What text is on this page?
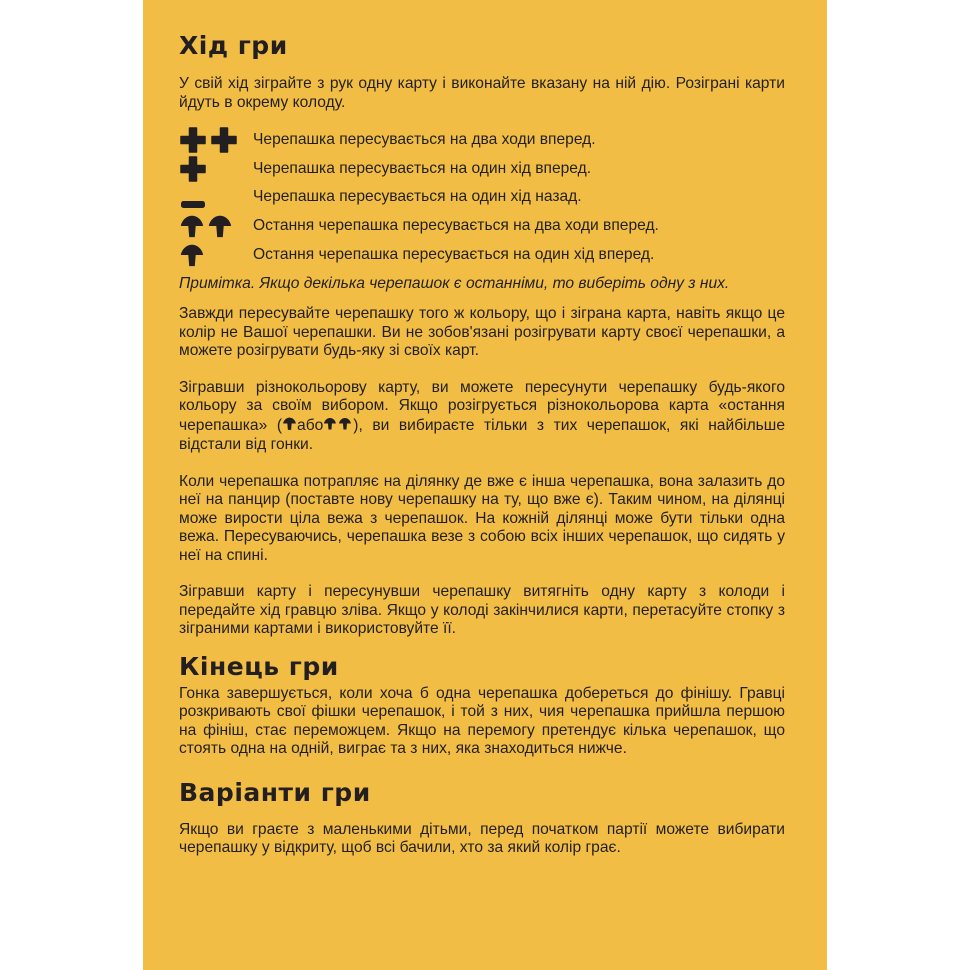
Хід гри

У свій хід зіграйте з рук одну карту і виконайте вказану на ній дію. Розіграні карти йдуть в окрему колоду.

Черепашка пересувається на два ходи вперед.
Черепашка пересувається на один хід вперед.
Черепашка пересувається на один хід назад.
Остання черепашка пересувається на два ходи вперед.
Остання черепашка пересувається на один хід вперед.

Примітка. Якщо декілька черепашок є останніми, то виберіть одну з них.

Завжди пересувайте черепашку того ж кольору, що і зіграна карта, навіть якщо це колір не Вашої черепашки. Ви не зобов'язані розігрувати карту своєї черепашки, а можете розігрувати будь-яку зі своїх карт.

Зігравши різнокольорову карту, ви можете пересунути черепашку будь-якого кольору за своїм вибором. Якщо розігрується різнокольорова карта «остання черепашка» ( або ), ви вибираєте тільки з тих черепашок, які найбільше відстали від гонки.

Коли черепашка потрапляє на ділянку де вже є інша черепашка, вона залазить до неї на панцир (поставте нову черепашку на ту, що вже є). Таким чином, на ділянці може вирости ціла вежа з черепашок. На кожній ділянці може бути тільки одна вежа. Пересуваючись, черепашка везе з собою всіх інших черепашок, що сидять у неї на спині.

Зігравши карту і пересунувши черепашку витягніть одну карту з колоди і передайте хід гравцю зліва. Якщо у колоді закінчилися карти, перетасуйте стопку з зіграними картами і використовуйте її.

Кінець гри

Гонка завершується, коли хоча б одна черепашка добереться до фінішу. Гравці розкривають свої фішки черепашок, і той з них, чия черепашка прийшла першою на фініш, стає переможцем. Якщо на перемогу претендує кілька черепашок, що стоять одна на одній, виграє та з них, яка знаходиться нижче.

Варіанти гри

Якщо ви граєте з маленькими дітьми, перед початком партії можете вибирати черепашку у відкриту, щоб всі бачили, хто за який колір грає.
